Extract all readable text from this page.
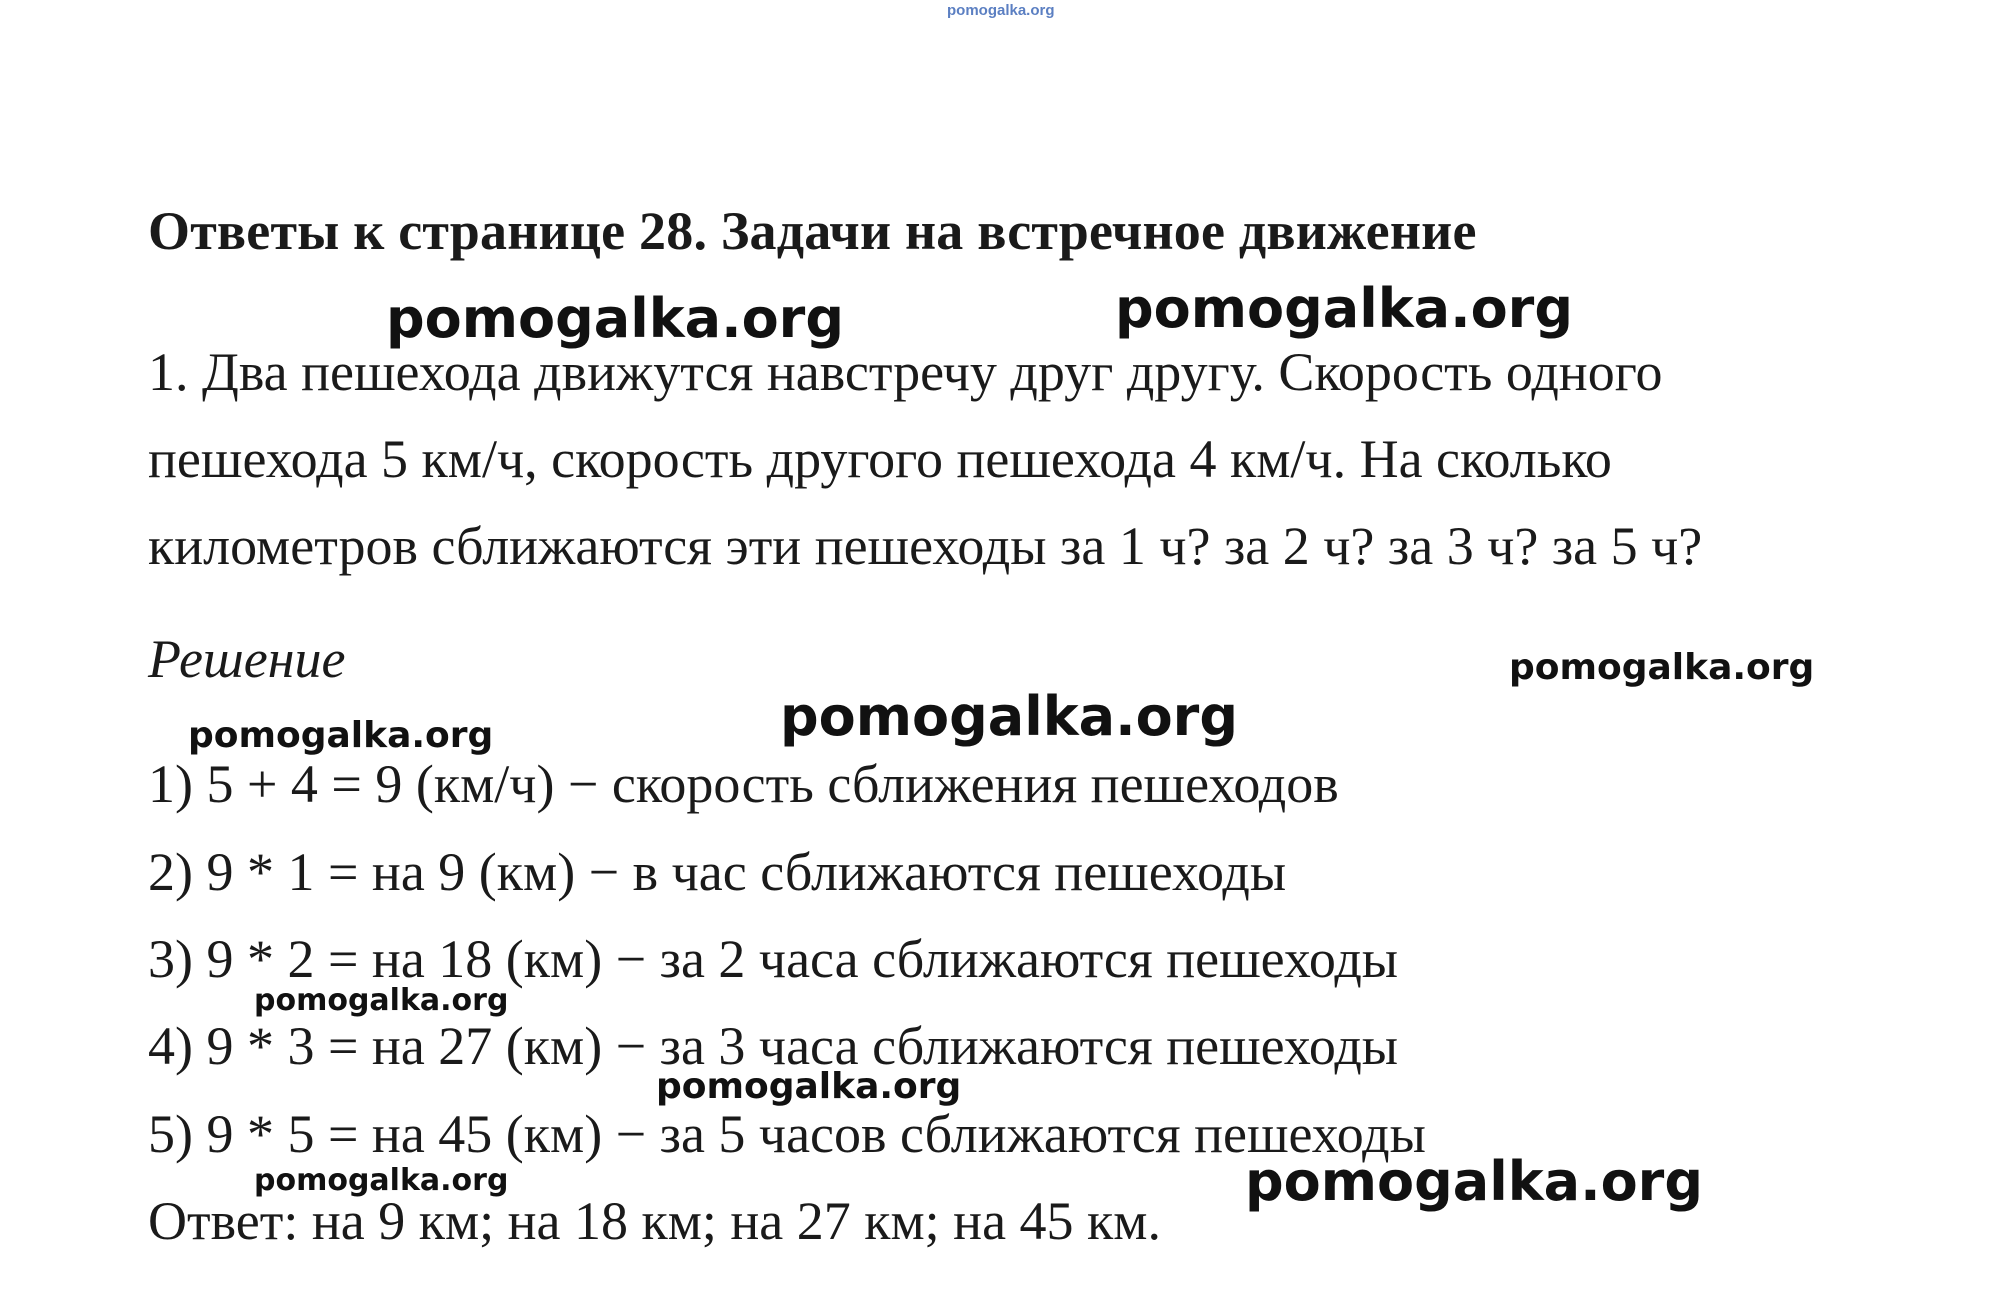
pomogalka.org
Ответы к странице 28. Задачи на встречное движение
1. Два пешехода движутся навстречу друг другу. Скорость одного
пешехода 5 км/ч, скорость другого пешехода 4 км/ч. На сколько
километров сближаются эти пешеходы за 1 ч? за 2 ч? за 3 ч? за 5 ч?
Решение
1) 5 + 4 = 9 (км/ч) − скорость сближения пешеходов
2) 9 * 1 = на 9 (км) − в час сближаются пешеходы
3) 9 * 2 = на 18 (км) − за 2 часа сближаются пешеходы
4) 9 * 3 = на 27 (км) − за 3 часа сближаются пешеходы
5) 9 * 5 = на 45 (км) − за 5 часов сближаются пешеходы
Ответ: на 9 км; на 18 км; на 27 км; на 45 км.
pomogalka.org	pomogalka.org
pomogalka.org
pomogalka.org	pomogalka.org
pomogalka.org
pomogalka.org
pomogalka.org	pomogalka.org
